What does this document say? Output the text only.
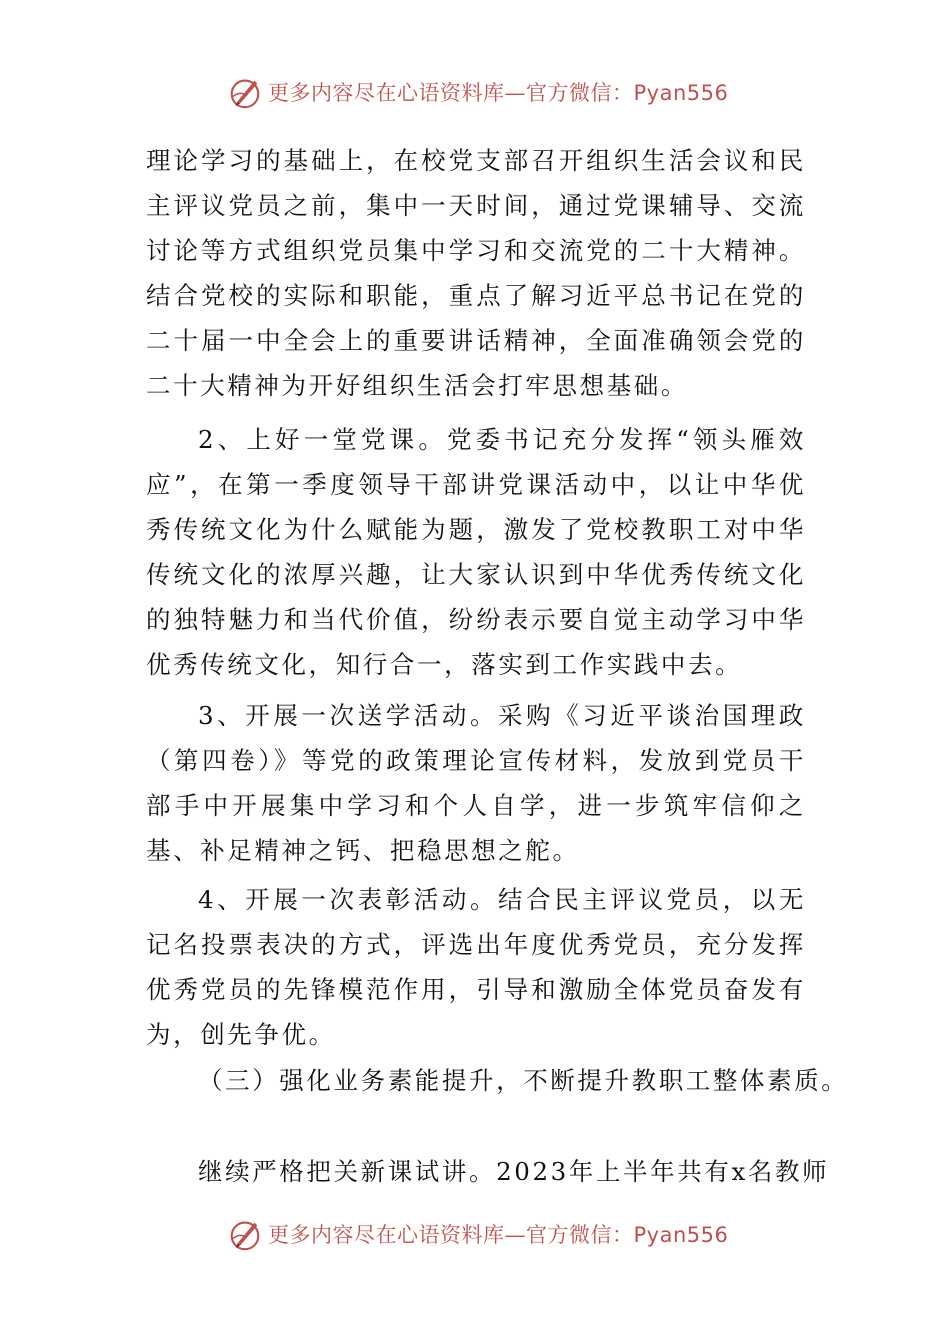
更多内容尽在心语资料库—官方微信：Pyan556

理论学习的基础上，在校党支部召开组织生活会议和民主评议党员之前，集中一天时间，通过党课辅导、交流讨论等方式组织党员集中学习和交流党的二十大精神。结合党校的实际和职能，重点了解习近平总书记在党的二十届一中全会上的重要讲话精神，全面准确领会党的二十大精神为开好组织生活会打牢思想基础。

2、上好一堂党课。党委书记充分发挥“领头雁效应”，在第一季度领导干部讲党课活动中，以让中华优秀传统文化为什么赋能为题，激发了党校教职工对中华传统文化的浓厚兴趣，让大家认识到中华优秀传统文化的独特魅力和当代价值，纷纷表示要自觉主动学习中华优秀传统文化，知行合一，落实到工作实践中去。

3、开展一次送学活动。采购《习近平谈治国理政（第四卷）》等党的政策理论宣传材料，发放到党员干部手中开展集中学习和个人自学，进一步筑牢信仰之基、补足精神之钙、把稳思想之舵。

4、开展一次表彰活动。结合民主评议党员，以无记名投票表决的方式，评选出年度优秀党员，充分发挥优秀党员的先锋模范作用，引导和激励全体党员奋发有为，创先争优。

（三）强化业务素能提升，不断提升教职工整体素质。

继续严格把关新课试讲。2023年上半年共有x名教师

更多内容尽在心语资料库—官方微信：Pyan556
